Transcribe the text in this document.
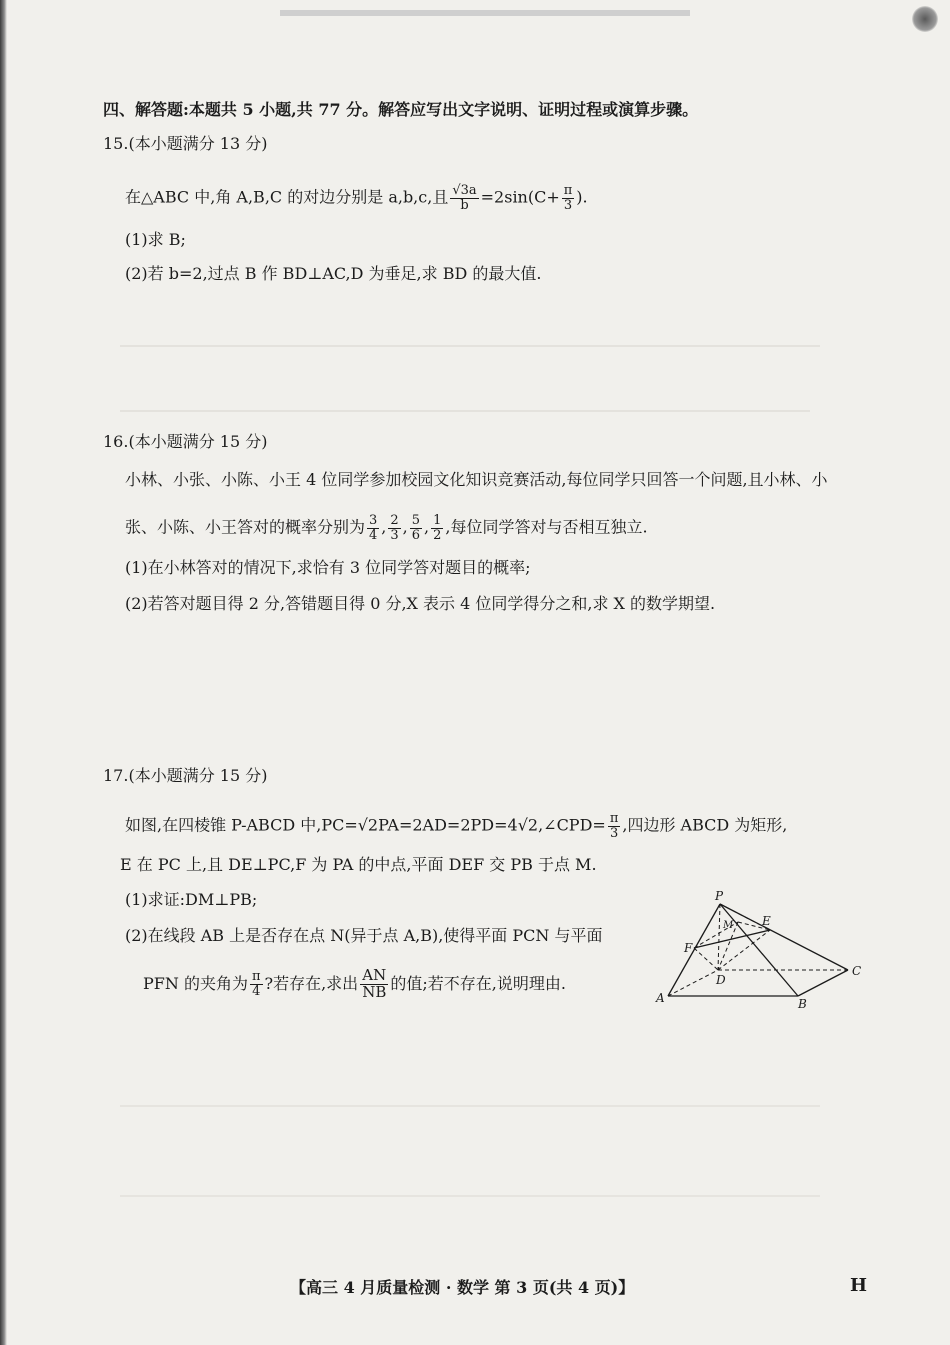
四、解答题:本题共 5 小题,共 77 分。解答应写出文字说明、证明过程或演算步骤。
15.(本小题满分 13 分)
在△ABC 中,角 A,B,C 的对边分别是 a,b,c,且 $\frac{√3a}{b} =2\sin(C+ \frac{\pi}{3}$ ).
(1)求 B;
(2)若 b=2,过点 B 作 BD⊥AC,D 为垂足,求 BD 的最大值.
16.(本小题满分 15 分)
小林、小张、小陈、小王 4 位同学参加校园文化知识竞赛活动,每位同学只回答一个问题,且小林、小
张、小陈、小王答对的概率分别为 $\frac{3}{4}$ , $\frac{2}{3}$ , $\frac{5}{6}$ , $\frac{1}{2}$ ,每位同学答对与否相互独立.
(1)在小林答对的情况下,求恰有 3 位同学答对题目的概率;
(2)若答对题目得 2 分,答错题目得 0 分,X 表示 4 位同学得分之和,求 X 的数学期望.
17.(本小题满分 15 分)
如图,在四棱锥 P-ABCD 中,PC=√2PA=2AD=2PD=4√2,∠CPD= $\frac{\pi}{3}$ ,四边形 ABCD 为矩形,
E 在 PC 上,且 DE⊥PC,F 为 PA 的中点,平面 DEF 交 PB 于点 M.
(1)求证:DM⊥PB;
(2)在线段 AB 上是否存在点 N(异于点 A,B),使得平面 PCN 与平面
PFN 的夹角为 $\frac{\pi}{4}$ ?若存在,求出 $\frac{AN}{NB}$ 的值;若不存在,说明理由.
P
E
M
F
D
C
A	B
【高三 4 月质量检测 · 数学 第 3 页(共 4 页)】	H
